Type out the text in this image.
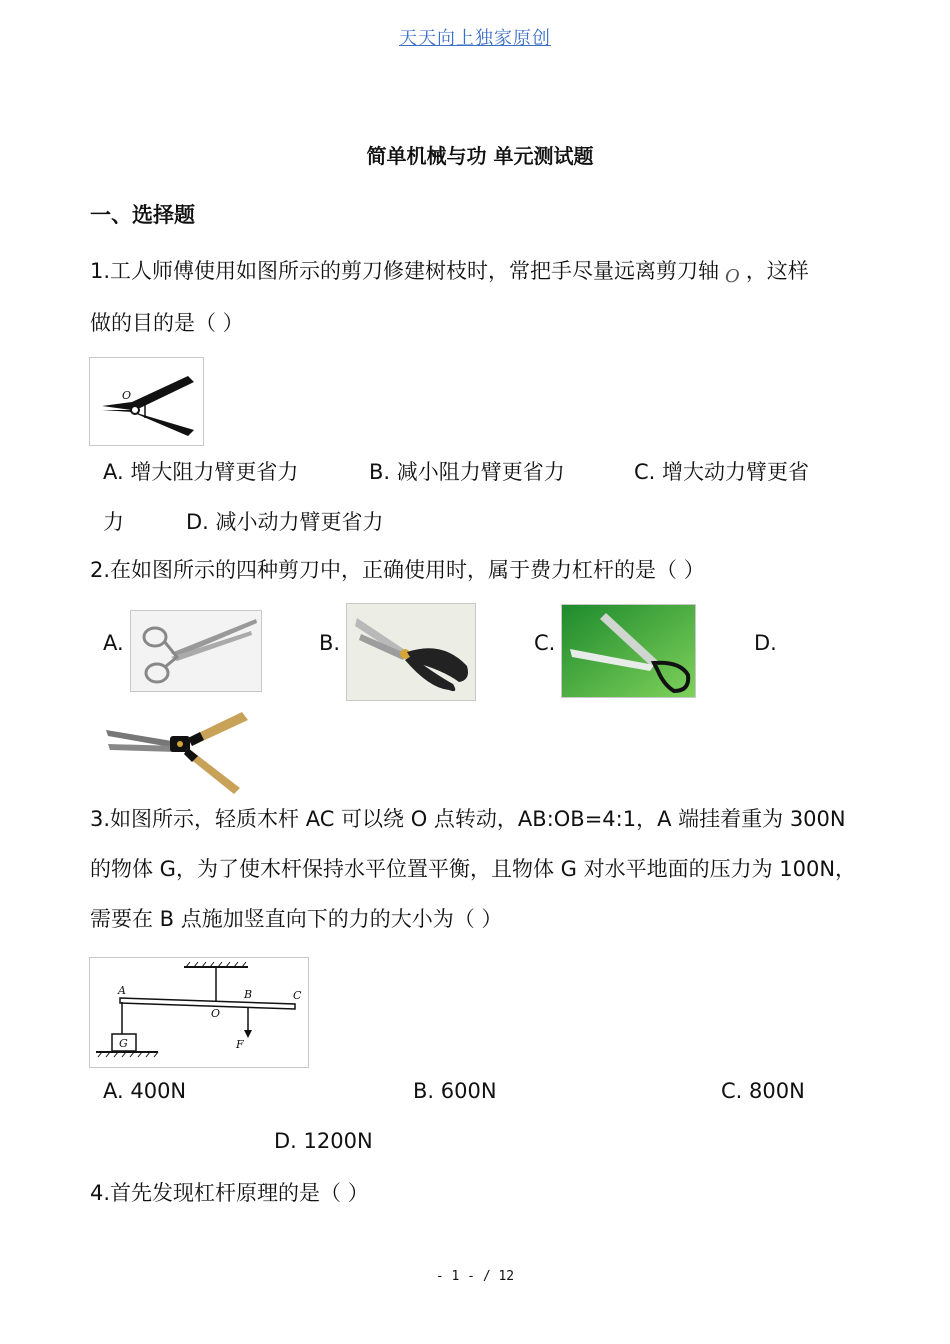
天天向上独家原创
简单机械与功 单元测试题
一、选择题
1.工人师傅使用如图所示的剪刀修建树枝时，常把手尽量远离剪刀轴 O ，这样
做的目的是（ ）
O
A. 增大阻力臂更省力	B. 减小阻力臂更省力	C. 增大动力臂更省
力	D. 减小动力臂更省力
2.在如图所示的四种剪刀中，正确使用时，属于费力杠杆的是（ ）
A.	B.	C.	D.
3.如图所示，轻质木杆 AC 可以绕 O 点转动，AB:OB=4:1，A 端挂着重为 300N
的物体 G，为了使木杆保持水平位置平衡，且物体 G 对水平地面的压力为 100N，
需要在 B 点施加竖直向下的力的大小为（ ）
A
O
B	C
F
G
A. 400N	B. 600N	C. 800N
D. 1200N
4.首先发现杠杆原理的是（ ）
- 1 - / 12
